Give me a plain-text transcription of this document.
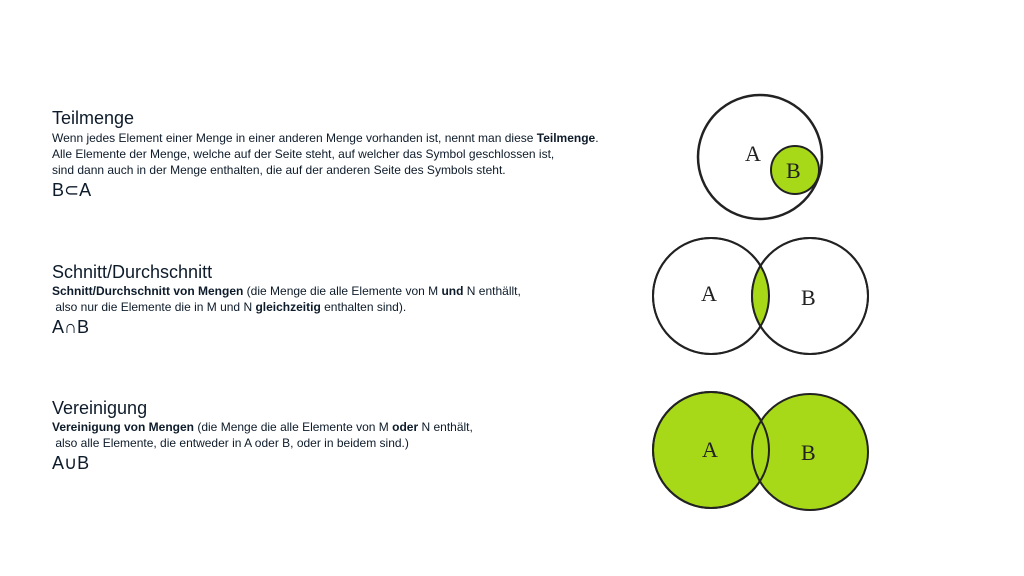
Teilmenge
Wenn jedes Element einer Menge in einer anderen Menge vorhanden ist, nennt man diese Teilmenge.
Alle Elemente der Menge, welche auf der Seite steht, auf welcher das Symbol geschlossen ist,
sind dann auch in der Menge enthalten, die auf der anderen Seite des Symbols steht.
B⊂A
Schnitt/Durchschnitt
Schnitt/Durchschnitt von Mengen (die Menge die alle Elemente von M und N enthällt,
also nur die Elemente die in M und N gleichzeitig enthalten sind).
A∩B
Vereinigung
Vereinigung von Mengen (die Menge die alle Elemente von M oder N enthält,
also alle Elemente, die entweder in A oder B, oder in beidem sind.)
A∪B
A
B
A	B
A	B
